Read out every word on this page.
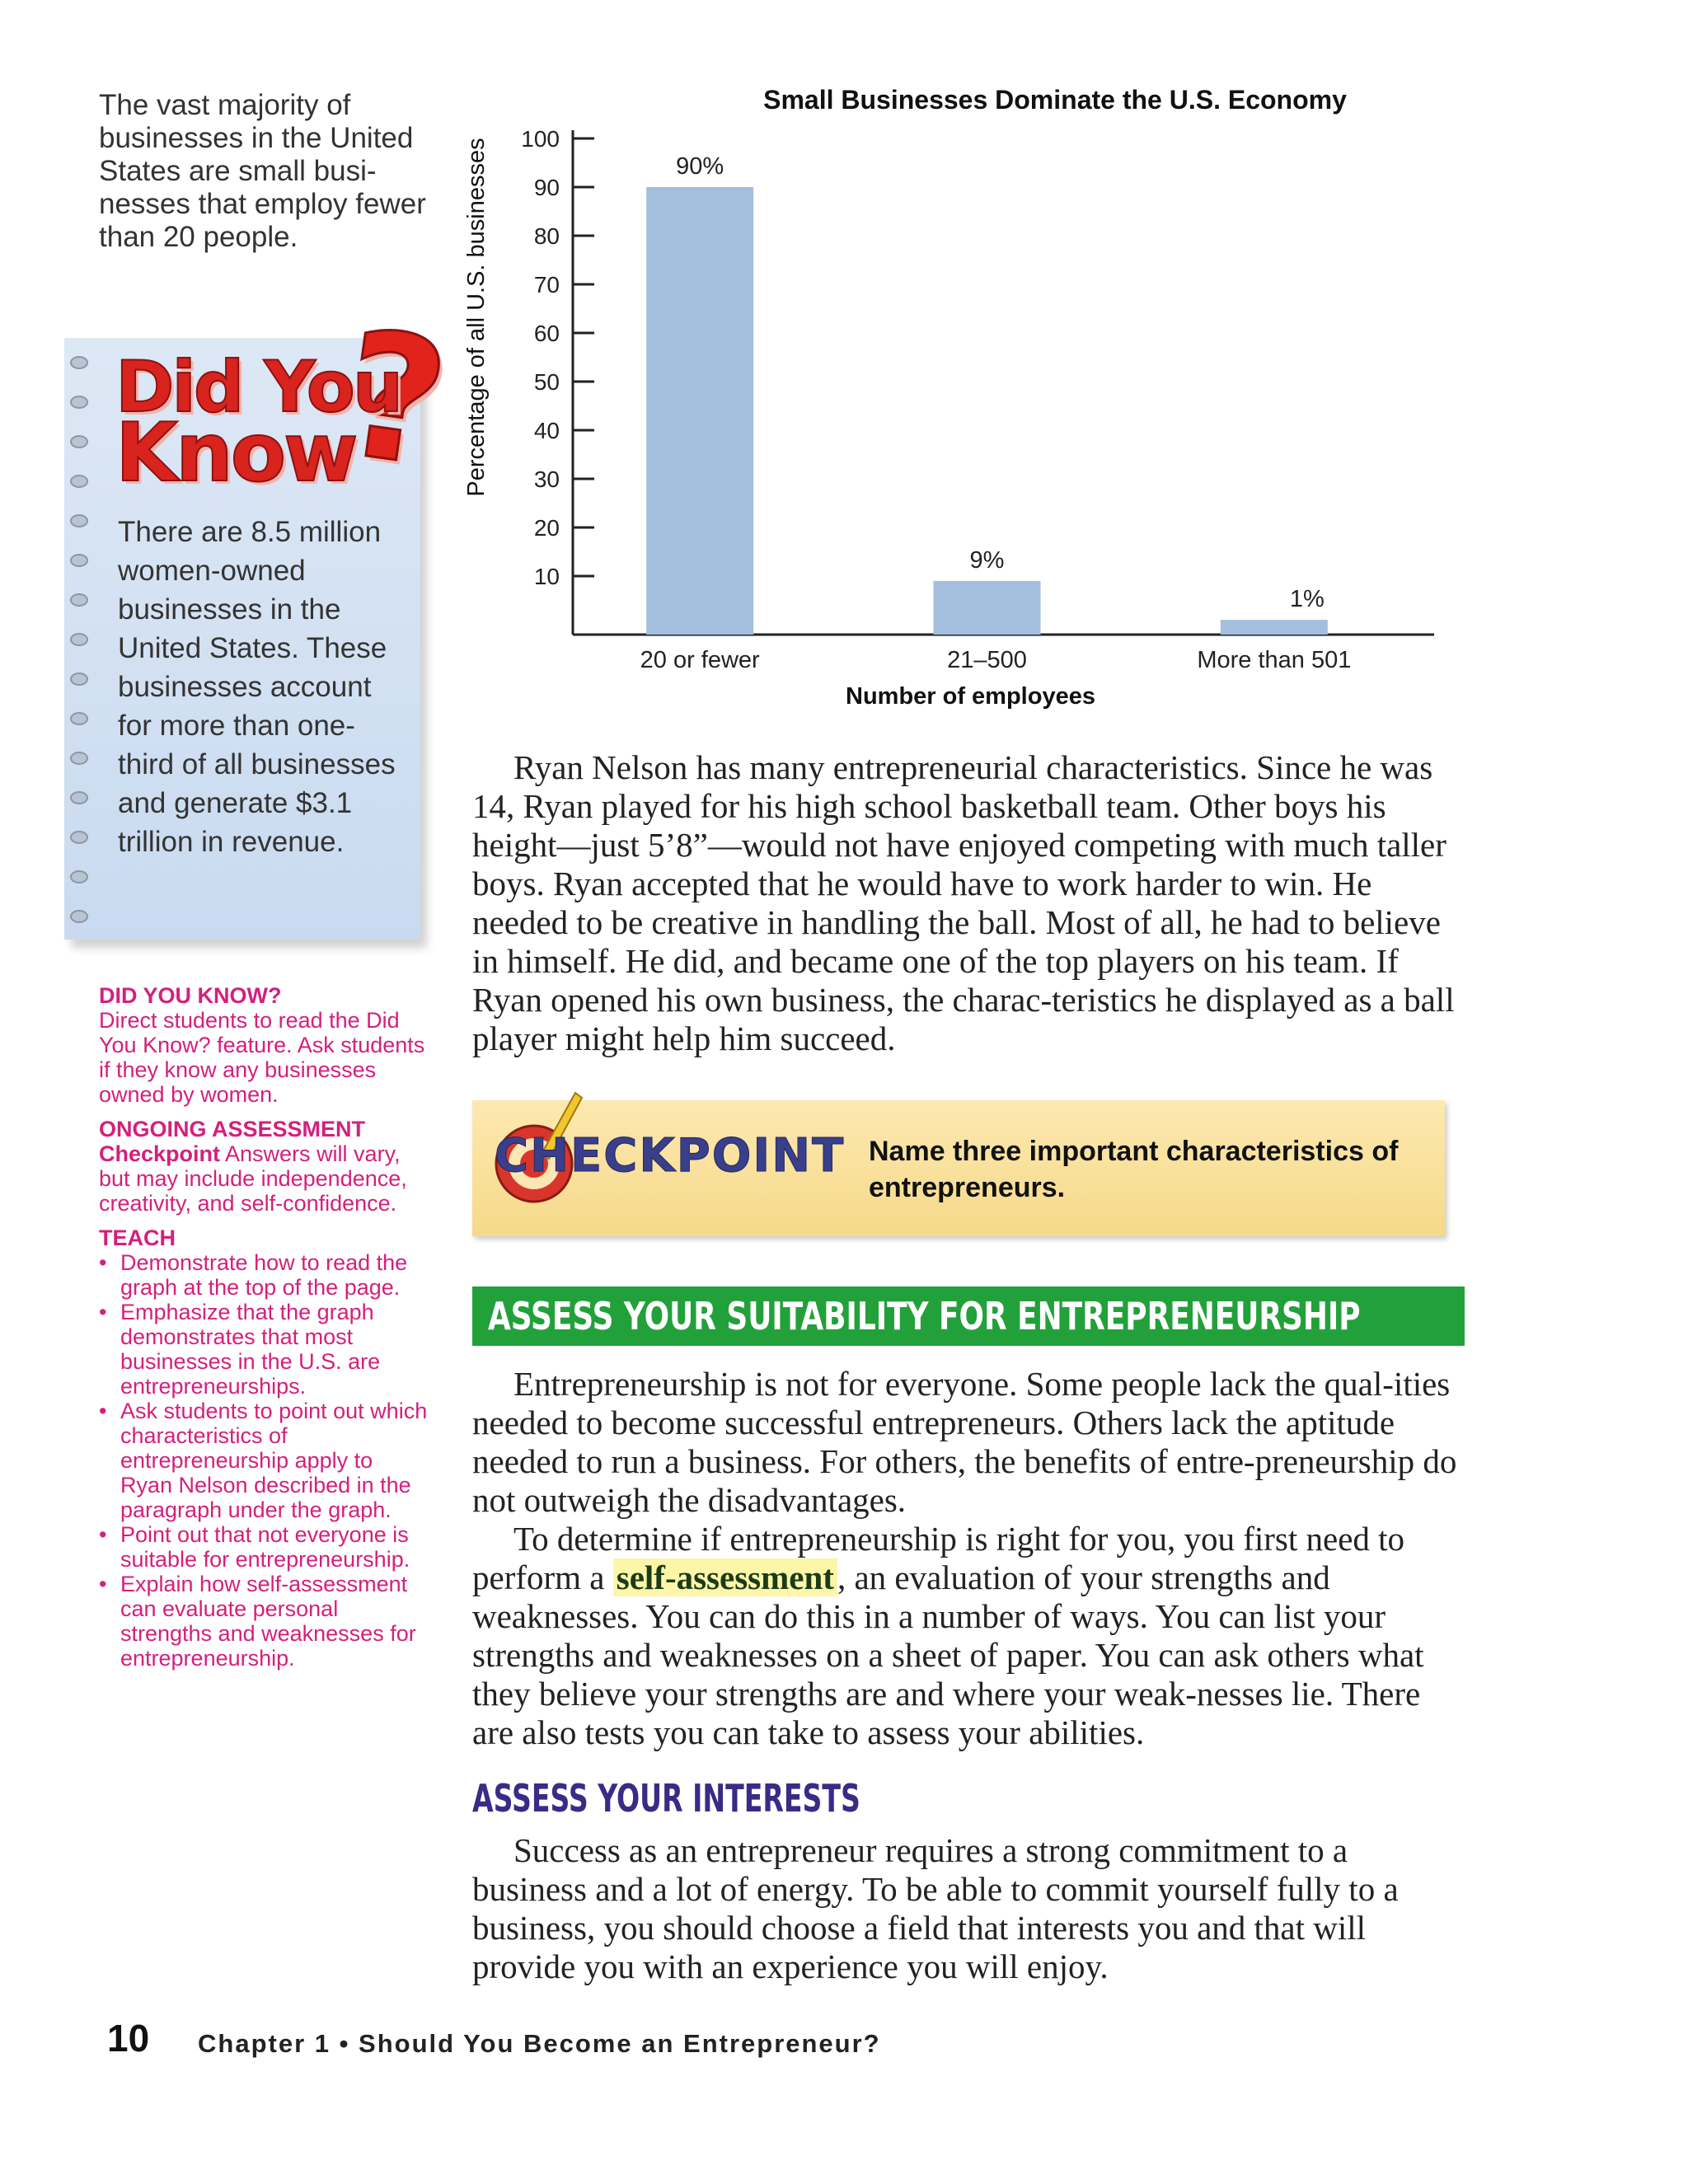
The vast majority of businesses in the United States are small busi- nesses that employ fewer than 20 people.
?
Did You
Know
There are 8.5 million women-owned businesses in the United States. These businesses account for more than one-third of all businesses and generate $3.1 trillion in revenue.

DID YOU KNOW?

Direct students to read the Did You Know? feature. Ask students if they know any businesses owned by women.

ONGOING ASSESSMENT

Checkpoint Answers will vary, but may include independence, creativity, and self-confidence.

TEACH

• Demonstrate how to read the graph at the top of the page.
• Emphasize that the graph demonstrates that most businesses in the U.S. are entrepreneurships.
• Ask students to point out which characteristics of entrepreneurship apply to Ryan Nelson described in the paragraph under the graph.
• Point out that not everyone is suitable for entrepreneurship.
• Explain how self-assessment can evaluate personal strengths and weaknesses for entrepreneurship.
Small Businesses Dominate the U.S. Economy
Percentage of all U.S. businesses
10
20
30
40
50
60
70
80
90
100
90%
20 or fewer
9%
21–500
1%
More than 501
Number of employees

Ryan Nelson has many entrepreneurial characteristics. Since he was 14, Ryan played for his high school basketball team. Other boys his height—just 5’8”—would not have enjoyed competing with much taller boys. Ryan accepted that he would have to work harder to win. He needed to be creative in handling the ball. Most of all, he had to believe in himself. He did, and became one of the top players on his team. If Ryan opened his own business, the charac-teristics he displayed as a ball player might help him succeed.

CHECKPOINT Name three important characteristics of entrepreneurs.
ASSESS YOUR SUITABILITY FOR ENTREPRENEURSHIP

Entrepreneurship is not for everyone. Some people lack the qual-ities needed to become successful entrepreneurs. Others lack the aptitude needed to run a business. For others, the benefits of entre-preneurship do not outweigh the disadvantages.

To determine if entrepreneurship is right for you, you first need to perform a self-assessment, an evaluation of your strengths and weaknesses. You can do this in a number of ways. You can list your strengths and weaknesses on a sheet of paper. You can ask others what they believe your strengths are and where your weak-nesses lie. There are also tests you can take to assess your abilities.

ASSESS YOUR INTERESTS

Success as an entrepreneur requires a strong commitment to a business and a lot of energy. To be able to commit yourself fully to a business, you should choose a field that interests you and that will provide you with an experience you will enjoy.

10 Chapter 1 • Should You Become an Entrepreneur?
